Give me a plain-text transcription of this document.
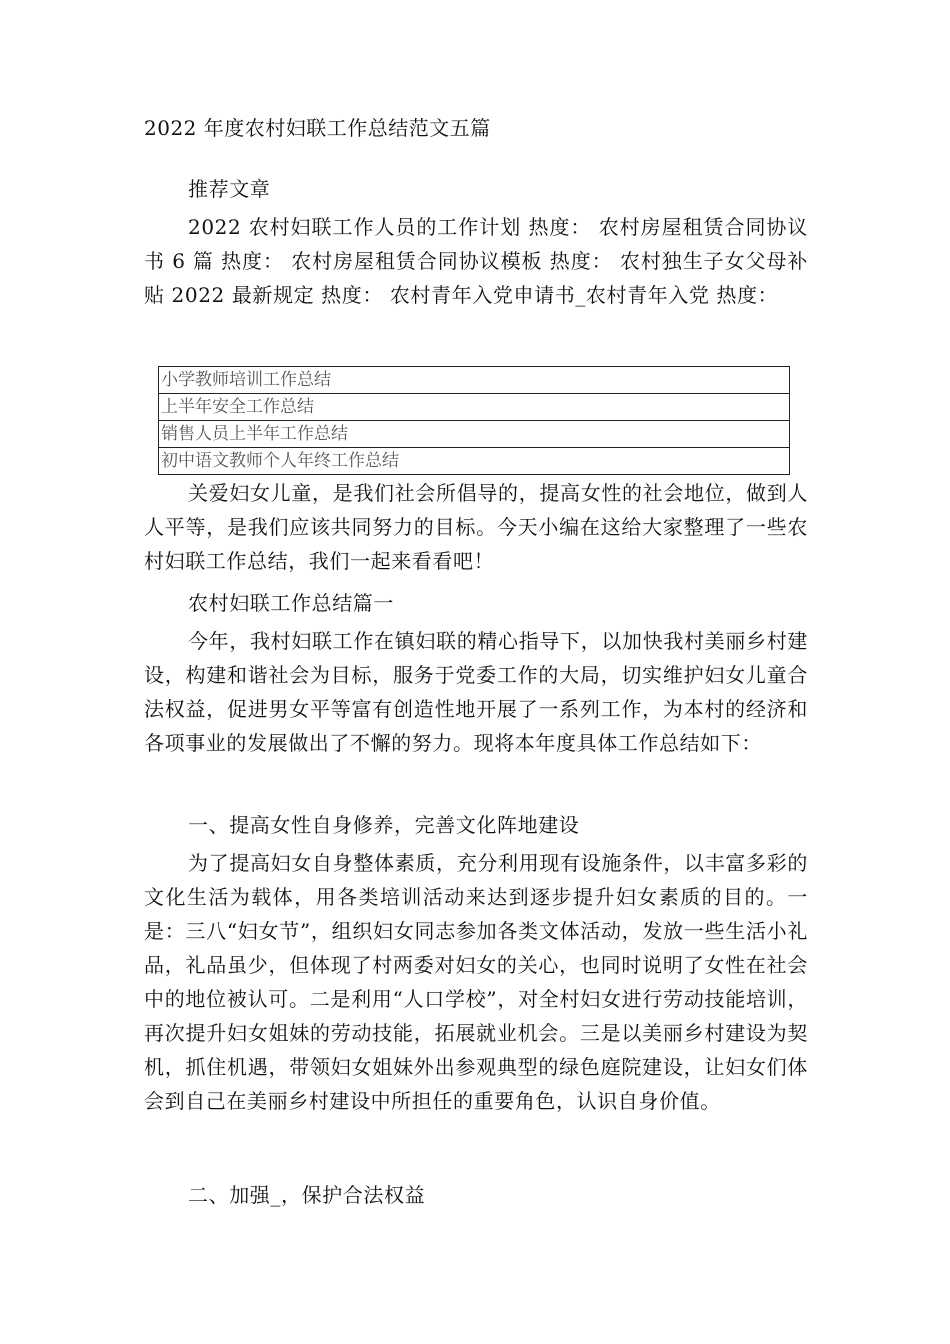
2022 年度农村妇联工作总结范文五篇

推荐文章

2022 农村妇联工作人员的工作计划 热度： 农村房屋租赁合同协议书 6 篇 热度： 农村房屋租赁合同协议模板 热度： 农村独生子女父母补贴 2022 最新规定 热度： 农村青年入党申请书_农村青年入党 热度：

小学教师培训工作总结
上半年安全工作总结
销售人员上半年工作总结
初中语文教师个人年终工作总结

关爱妇女儿童，是我们社会所倡导的，提高女性的社会地位，做到人人平等，是我们应该共同努力的目标。今天小编在这给大家整理了一些农村妇联工作总结，我们一起来看看吧！

农村妇联工作总结篇一

今年，我村妇联工作在镇妇联的精心指导下，以加快我村美丽乡村建设，构建和谐社会为目标，服务于党委工作的大局，切实维护妇女儿童合法权益，促进男女平等富有创造性地开展了一系列工作，为本村的经济和各项事业的发展做出了不懈的努力。现将本年度具体工作总结如下：

一、提高女性自身修养，完善文化阵地建设

为了提高妇女自身整体素质，充分利用现有设施条件，以丰富多彩的文化生活为载体，用各类培训活动来达到逐步提升妇女素质的目的。一是：三八“妇女节”，组织妇女同志参加各类文体活动，发放一些生活小礼品，礼品虽少，但体现了村两委对妇女的关心，也同时说明了女性在社会中的地位被认可。二是利用“人口学校”，对全村妇女进行劳动技能培训，再次提升妇女姐妹的劳动技能，拓展就业机会。三是以美丽乡村建设为契机，抓住机遇，带领妇女姐妹外出参观典型的绿色庭院建设，让妇女们体会到自己在美丽乡村建设中所担任的重要角色，认识自身价值。

二、加强_，保护合法权益
